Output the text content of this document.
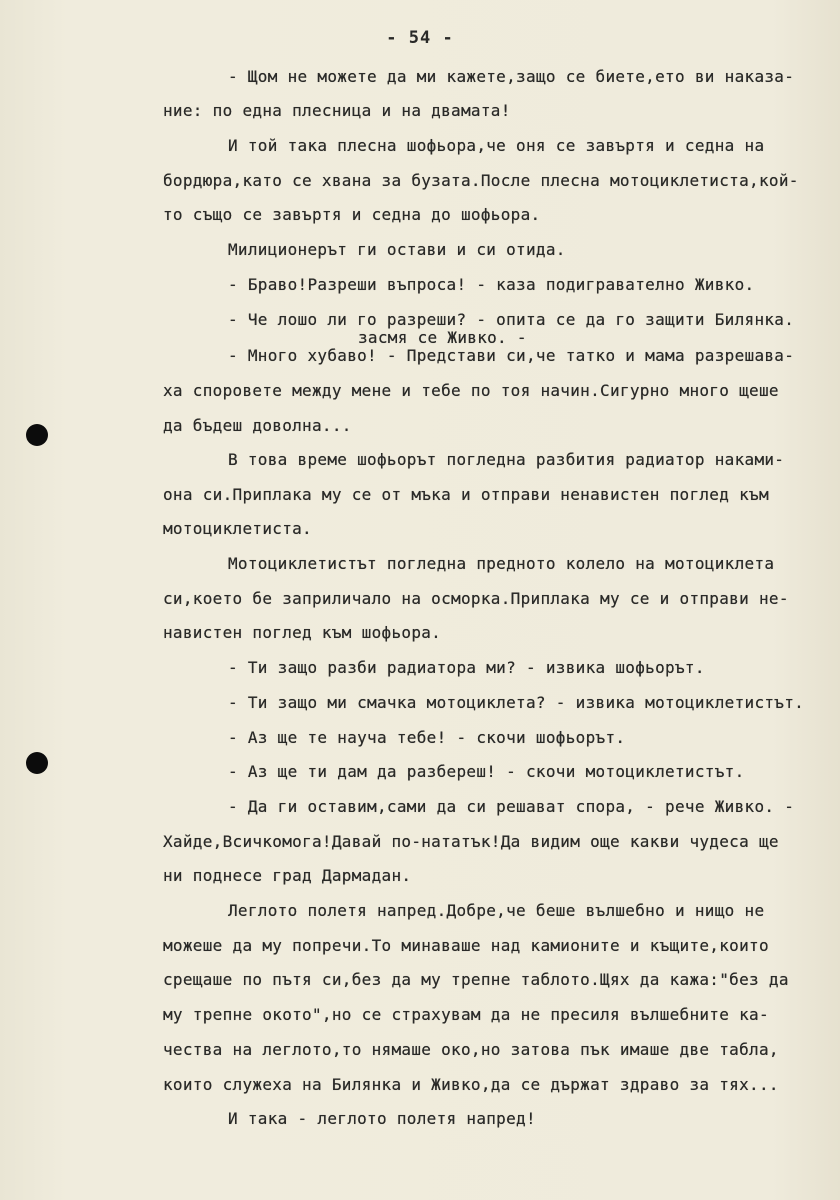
- 54 -
- Щом не можете да ми кажете,защо се биете,ето ви наказа-
ние: по една плесница и на двамата!
И той така плесна шофьора,че оня се завъртя и седна на
бордюра,като се хвана за бузата.После плесна мотоциклетиста,кой-
то също се завъртя и седна до шофьора.
Милиционерът ги остави и си отида.
- Браво!Разреши въпроса! - каза подигравателно Живко.
- Че лошо ли го разреши? - опита се да го защити Билянка.
засмя се Живко. -
- Много хубаво! - Представи си,че татко и мама разрешава-
ха споровете между мене и тебе по тоя начин.Сигурно много щеше
да бъдеш доволна...
В това време шофьорът погледна разбития радиатор наками-
она си.Приплака му се от мъка и отправи ненавистен поглед към
мотоциклетиста.
Мотоциклетистът погледна предното колело на мотоциклета
си,което бе заприличало на осморка.Приплака му се и отправи не-
навистен поглед към шофьора.
- Ти защо разби радиатора ми? - извика шофьорът.
- Ти защо ми смачка мотоциклета? - извика мотоциклетистът.
- Аз ще те науча тебе! - скочи шофьорът.
- Аз ще ти дам да разбереш! - скочи мотоциклетистът.
- Да ги оставим,сами да си решават спора, - рече Живко. -
Хайде,Всичкомога!Давай по-нататък!Да видим още какви чудеса ще
ни поднесе град Дармадан.
Леглото полетя напред.Добре,че беше вълшебно и нищо не
можеше да му попречи.То минаваше над камионите и къщите,които
срещаше по пътя си,без да му трепне таблото.Щях да кажа:"без да
му трепне окото",но се страхувам да не пресиля вълшебните ка-
чества на леглото,то нямаше око,но затова пък имаше две табла,
които служеха на Билянка и Живко,да се държат здраво за тях...
И така - леглото полетя напред!
